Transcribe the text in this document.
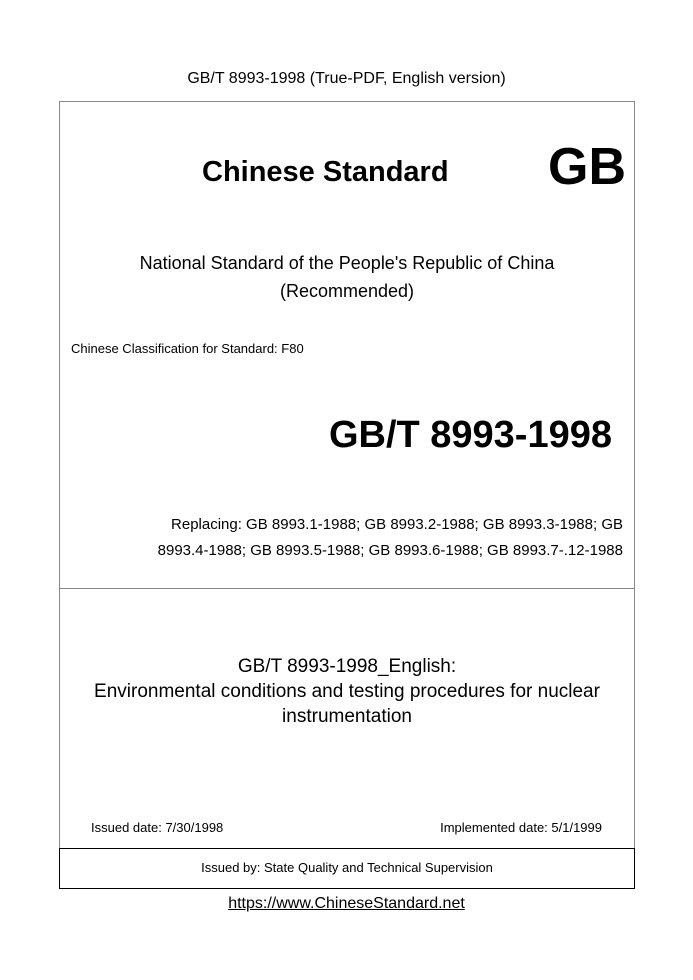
GB/T 8993-1998 (True-PDF, English version)
Chinese Standard GB
National Standard of the People's Republic of China
(Recommended)
Chinese Classification for Standard: F80
GB/T 8993-1998
Replacing: GB 8993.1-1988; GB 8993.2-1988; GB 8993.3-1988; GB
8993.4-1988; GB 8993.5-1988; GB 8993.6-1988; GB 8993.7-.12-1988
GB/T 8993-1998_English:
Environmental conditions and testing procedures for nuclear
instrumentation
Issued date: 7/30/1998	Implemented date: 5/1/1999
Issued by: State Quality and Technical Supervision
https://www.ChineseStandard.net
